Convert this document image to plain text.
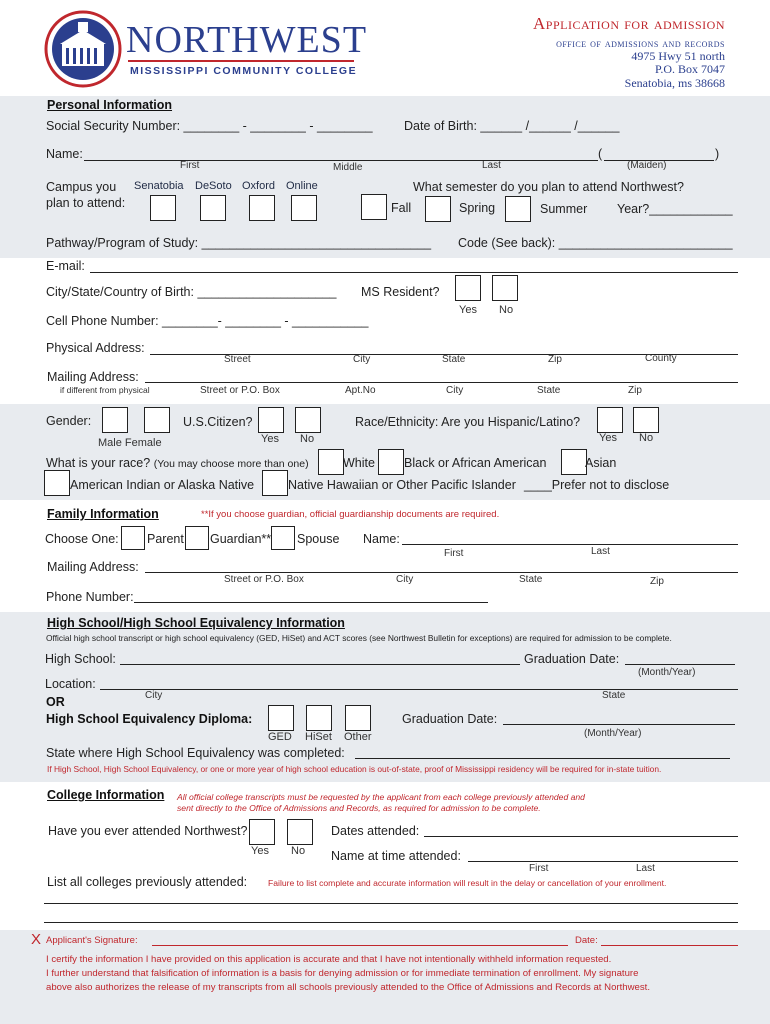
NORTHWEST
MISSISSIPPI COMMUNITY COLLEGE
Application for admission
office of admissions and records
4975 Hwy 51 north
P.O. Box 7047
Senatobia, ms 38668
Personal Information
Social Security Number: ________ - ________ - ________	Date of Birth: ______ /______ /______
Name:	(	)
First	Middle	Last	(Maiden)
Campus you
plan to attend:
Senatobia DeSoto Oxford Online	What semester do you plan to attend Northwest?
Fall	Spring	Summer Year?____________
Pathway/Program of Study: _________________________________ Code (See back): _________________________
E-mail:
City/State/Country of Birth: ____________________ MS Resident?
Yes No
Cell Phone Number: ________- ________ - ___________
Physical Address:
Street	City	State	Zip	County
Mailing Address:
if different from physical	Street or P.O. Box	Apt.No	City	State	Zip
Gender:
Male Female
U.S.Citizen?
Yes No
Race/Ethnicity: Are you Hispanic/Latino?
Yes No
What is your race? (You may choose more than one)	White Black or African American	Asian
American Indian or Alaska Native	Native Hawaiian or Other Pacific Islander ____Prefer not to disclose
Family Information	**If you choose guardian, official guardianship documents are required.
Choose One: Parent Guardian** Spouse Name:
First	Last
Mailing Address:
Street or P.O. Box	City	State	Zip
Phone Number:
High School/High School Equivalency Information
Official high school transcript or high school equivalency (GED, HiSet) and ACT scores (see Northwest Bulletin for exceptions) are required for admission to be complete.
High School:	Graduation Date:
(Month/Year)
Location:
City	State
OR
High School Equivalency Diploma:
GED HiSet Other
Graduation Date:
(Month/Year)
State where High School Equivalency was completed:
If High School, High School Equivalency, or one or more year of high school education is out-of-state, proof of Mississippi residency will be required for in-state tuition.
College Information All official college transcripts must be requested by the applicant from each college previously attended and
sent directly to the Office of Admissions and Records, as required for admission to be complete.
Have you ever attended Northwest?
Yes No
Dates attended:
Name at time attended:
First	Last
List all colleges previously attended: Failure to list complete and accurate information will result in the delay or cancellation of your enrollment.
X Applicant's Signature:	Date:
I certify the information I have provided on this application is accurate and that I have not intentionally withheld information requested.
I further understand that falsification of information is a basis for denying admission or for immediate termination of enrollment. My signature
above also authorizes the release of my transcripts from all schools previously attended to the Office of Admissions and Records at Northwest.
